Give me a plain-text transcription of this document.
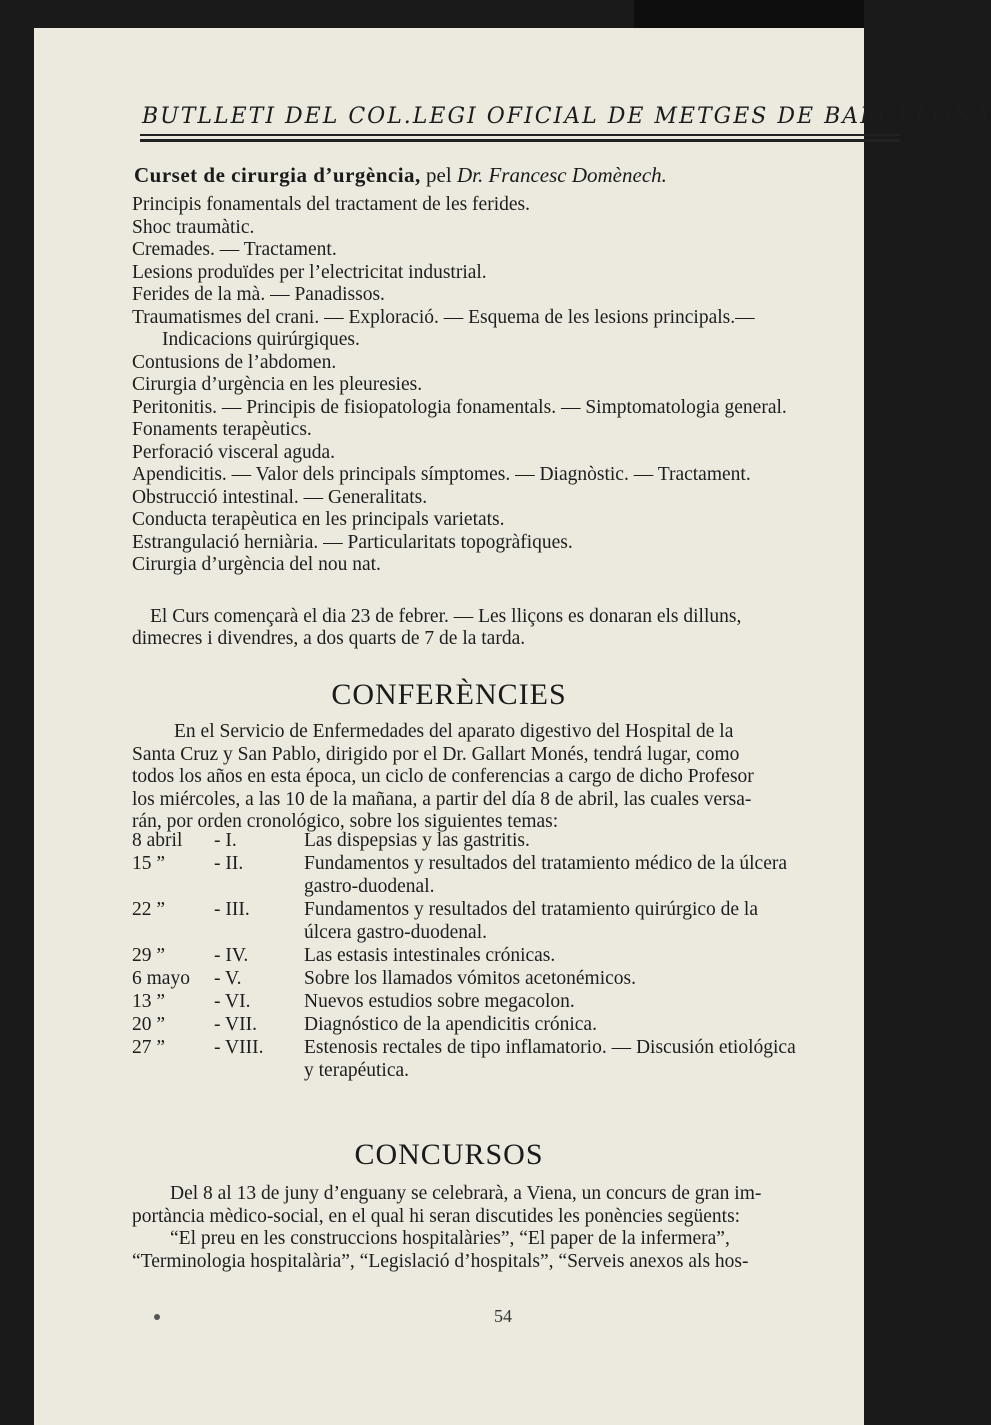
BUTLLETI DEL COL.LEGI OFICIAL DE METGES DE BARCELONA
Curset de cirurgia d’urgència, pel Dr. Francesc Domènech.
Principis fonamentals del tractament de les ferides.
Shoc traumàtic.
Cremades. — Tractament.
Lesions produïdes per l’electricitat industrial.
Ferides de la mà. — Panadissos.
Traumatismes del crani. — Exploració. — Esquema de les lesions principals.—
Indicacions quirúrgiques.
Contusions de l’abdomen.
Cirurgia d’urgència en les pleuresies.
Peritonitis. — Principis de fisiopatologia fonamentals. — Simptomatologia general.
Fonaments terapèutics.
Perforació visceral aguda.
Apendicitis. — Valor dels principals símptomes. — Diagnòstic. — Tractament.
Obstrucció intestinal. — Generalitats.
Conducta terapèutica en les principals varietats.
Estrangulació herniària. — Particularitats topogràfiques.
Cirurgia d’urgència del nou nat.
El Curs començarà el dia 23 de febrer. — Les lliçons es donaran els dilluns,
dimecres i divendres, a dos quarts de 7 de la tarda.
CONFERÈNCIES
En el Servicio de Enfermedades del aparato digestivo del Hospital de la
Santa Cruz y San Pablo, dirigido por el Dr. Gallart Monés, tendrá lugar, como
todos los años en esta época, un ciclo de conferencias a cargo de dicho Profesor
los miércoles, a las 10 de la mañana, a partir del día 8 de abril, las cuales versa-
rán, por orden cronológico, sobre los siguientes temas:
8 abril - I.	Las dispepsias y las gastritis.
15 ”	- II.	Fundamentos y resultados del tratamiento médico de la úlcera
gastro-duodenal.
22 ”	- III.	Fundamentos y resultados del tratamiento quirúrgico de la
úlcera gastro-duodenal.
29 ”	- IV.	Las estasis intestinales crónicas.
6 mayo - V.	Sobre los llamados vómitos acetonémicos.
13 ”	- VI.	Nuevos estudios sobre megacolon.
20 ”	- VII. Diagnóstico de la apendicitis crónica.
27 ”	- VIII. Estenosis rectales de tipo inflamatorio. — Discusión etiológica
y terapéutica.
CONCURSOS
Del 8 al 13 de juny d’enguany se celebrarà, a Viena, un concurs de gran im-
portància mèdico-social, en el qual hi seran discutides les ponències següents:
“El preu en les construccions hospitalàries”, “El paper de la infermera”,
“Terminologia hospitalària”, “Legislació d’hospitals”, “Serveis anexos als hos-
54
